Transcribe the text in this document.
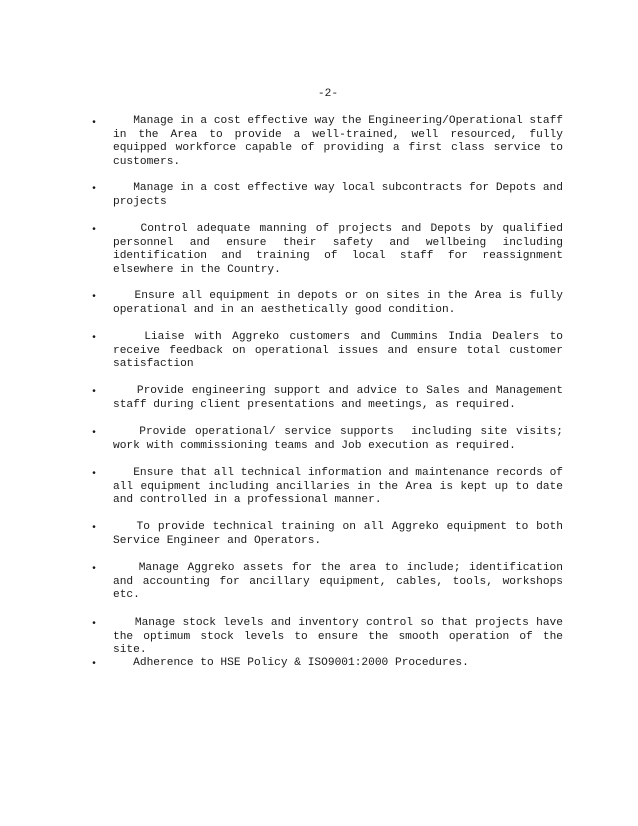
-2-
• Manage in a cost effective way the Engineering/Operational staff in the Area to provide a well-trained, well resourced, fully equipped workforce capable of providing a first class service to customers.
• Manage in a cost effective way local subcontracts for Depots and projects
• Control adequate manning of projects and Depots by qualified personnel and ensure their safety and wellbeing including identification and training of local staff for reassignment elsewhere in the Country.
• Ensure all equipment in depots or on sites in the Area is fully operational and in an aesthetically good condition.
• Liaise with Aggreko customers and Cummins India Dealers to receive feedback on operational issues and ensure total customer satisfaction
• Provide engineering support and advice to Sales and Management staff during client presentations and meetings, as required.
• Provide operational/ service supports  including site visits; work with commissioning teams and Job execution as required.
• Ensure that all technical information and maintenance records of all equipment including ancillaries in the Area is kept up to date and controlled in a professional manner.
• To provide technical training on all Aggreko equipment to both Service Engineer and Operators.
• Manage Aggreko assets for the area to include; identification and accounting for ancillary equipment, cables, tools, workshops etc.
• Manage stock levels and inventory control so that projects have the optimum stock levels to ensure the smooth operation of the site.
• Adherence to HSE Policy & ISO9001:2000 Procedures.
